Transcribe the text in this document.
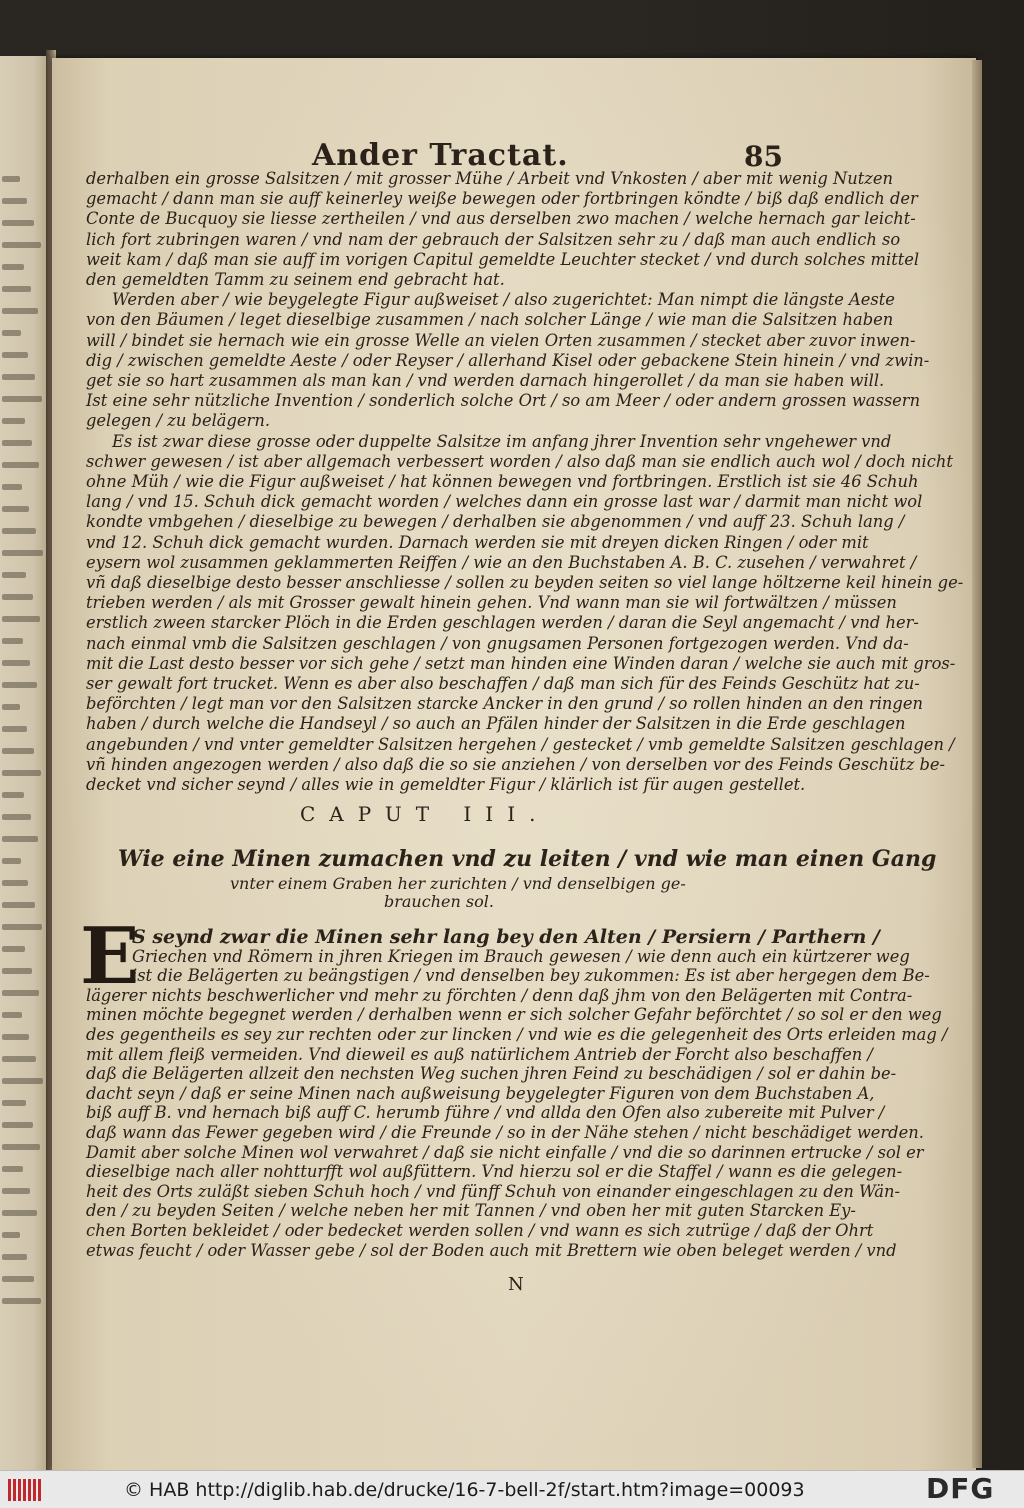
Ander Tractat.	85
derhalben ein grosse Salsitzen / mit grosser Mühe / Arbeit vnd Vnkosten / aber mit wenig Nutzen
gemacht / dann man sie auff keinerley weiße bewegen oder fortbringen köndte / biß daß endlich der
Conte de Bucquoy sie liesse zertheilen / vnd aus derselben zwo machen / welche hernach gar leicht-
lich fort zubringen waren / vnd nam der gebrauch der Salsitzen sehr zu / daß man auch endlich so
weit kam / daß man sie auff im vorigen Capitul gemeldte Leuchter stecket / vnd durch solches mittel
den gemeldten Tamm zu seinem end gebracht hat.
Werden aber / wie beygelegte Figur außweiset / also zugerichtet: Man nimpt die längste Aeste
von den Bäumen / leget dieselbige zusammen / nach solcher Länge / wie man die Salsitzen haben
will / bindet sie hernach wie ein grosse Welle an vielen Orten zusammen / stecket aber zuvor inwen-
dig / zwischen gemeldte Aeste / oder Reyser / allerhand Kisel oder gebackene Stein hinein / vnd zwin-
get sie so hart zusammen als man kan / vnd werden darnach hingerollet / da man sie haben will.
Ist eine sehr nützliche Invention / sonderlich solche Ort / so am Meer / oder andern grossen wassern
gelegen / zu belägern.
Es ist zwar diese grosse oder duppelte Salsitze im anfang jhrer Invention sehr vngehewer vnd
schwer gewesen / ist aber allgemach verbessert worden / also daß man sie endlich auch wol / doch nicht
ohne Müh / wie die Figur außweiset / hat können bewegen vnd fortbringen. Erstlich ist sie 46 Schuh
lang / vnd 15. Schuh dick gemacht worden / welches dann ein grosse last war / darmit man nicht wol
kondte vmbgehen / dieselbige zu bewegen / derhalben sie abgenommen / vnd auff 23. Schuh lang /
vnd 12. Schuh dick gemacht wurden. Darnach werden sie mit dreyen dicken Ringen / oder mit
eysern wol zusammen geklammerten Reiffen / wie an den Buchstaben A. B. C. zusehen / verwahret /
vñ daß dieselbige desto besser anschliesse / sollen zu beyden seiten so viel lange höltzerne keil hinein ge-
trieben werden / als mit Grosser gewalt hinein gehen. Vnd wann man sie wil fortwältzen / müssen
erstlich zween starcker Plöch in die Erden geschlagen werden / daran die Seyl angemacht / vnd her-
nach einmal vmb die Salsitzen geschlagen / von gnugsamen Personen fortgezogen werden. Vnd da-
mit die Last desto besser vor sich gehe / setzt man hinden eine Winden daran / welche sie auch mit gros-
ser gewalt fort trucket. Wenn es aber also beschaffen / daß man sich für des Feinds Geschütz hat zu-
beförchten / legt man vor den Salsitzen starcke Ancker in den grund / so rollen hinden an den ringen
haben / durch welche die Handseyl / so auch an Pfälen hinder der Salsitzen in die Erde geschlagen
angebunden / vnd vnter gemeldter Salsitzen hergehen / gestecket / vmb gemeldte Salsitzen geschlagen /
vñ hinden angezogen werden / also daß die so sie anziehen / von derselben vor des Feinds Geschütz be-
decket vnd sicher seynd / alles wie in gemeldter Figur / klärlich ist für augen gestellet.
CAPUT III.
Wie eine Minen zumachen vnd zu leiten / vnd wie man einen Gang
vnter einem Graben her zurichten / vnd denselbigen ge-
brauchen sol.
E
S seynd zwar die Minen sehr lang bey den Alten / Persiern / Parthern /
Griechen vnd Römern in jhren Kriegen im Brauch gewesen / wie denn auch ein kürtzerer weg
ist die Belägerten zu beängstigen / vnd denselben bey zukommen: Es ist aber hergegen dem Be-
lägerer nichts beschwerlicher vnd mehr zu förchten / denn daß jhm von den Belägerten mit Contra-
minen möchte begegnet werden / derhalben wenn er sich solcher Gefahr beförchtet / so sol er den weg
des gegentheils es sey zur rechten oder zur lincken / vnd wie es die gelegenheit des Orts erleiden mag /
mit allem fleiß vermeiden. Vnd dieweil es auß natürlichem Antrieb der Forcht also beschaffen /
daß die Belägerten allzeit den nechsten Weg suchen jhren Feind zu beschädigen / sol er dahin be-
dacht seyn / daß er seine Minen nach außweisung beygelegter Figuren von dem Buchstaben A,
biß auff B. vnd hernach biß auff C. herumb führe / vnd allda den Ofen also zubereite mit Pulver /
daß wann das Fewer gegeben wird / die Freunde / so in der Nähe stehen / nicht beschädiget werden.
Damit aber solche Minen wol verwahret / daß sie nicht einfalle / vnd die so darinnen ertrucke / sol er
dieselbige nach aller nohtturfft wol außfüttern. Vnd hierzu sol er die Staffel / wann es die gelegen-
heit des Orts zuläßt sieben Schuh hoch / vnd fünff Schuh von einander eingeschlagen zu den Wän-
den / zu beyden Seiten / welche neben her mit Tannen / vnd oben her mit guten Starcken Ey-
chen Borten bekleidet / oder bedecket werden sollen / vnd wann es sich zutrüge / daß der Ohrt
etwas feucht / oder Wasser gebe / sol der Boden auch mit Brettern wie oben beleget werden / vnd
N
© HAB http://diglib.hab.de/drucke/16-7-bell-2f/start.htm?image=00093	DFG
